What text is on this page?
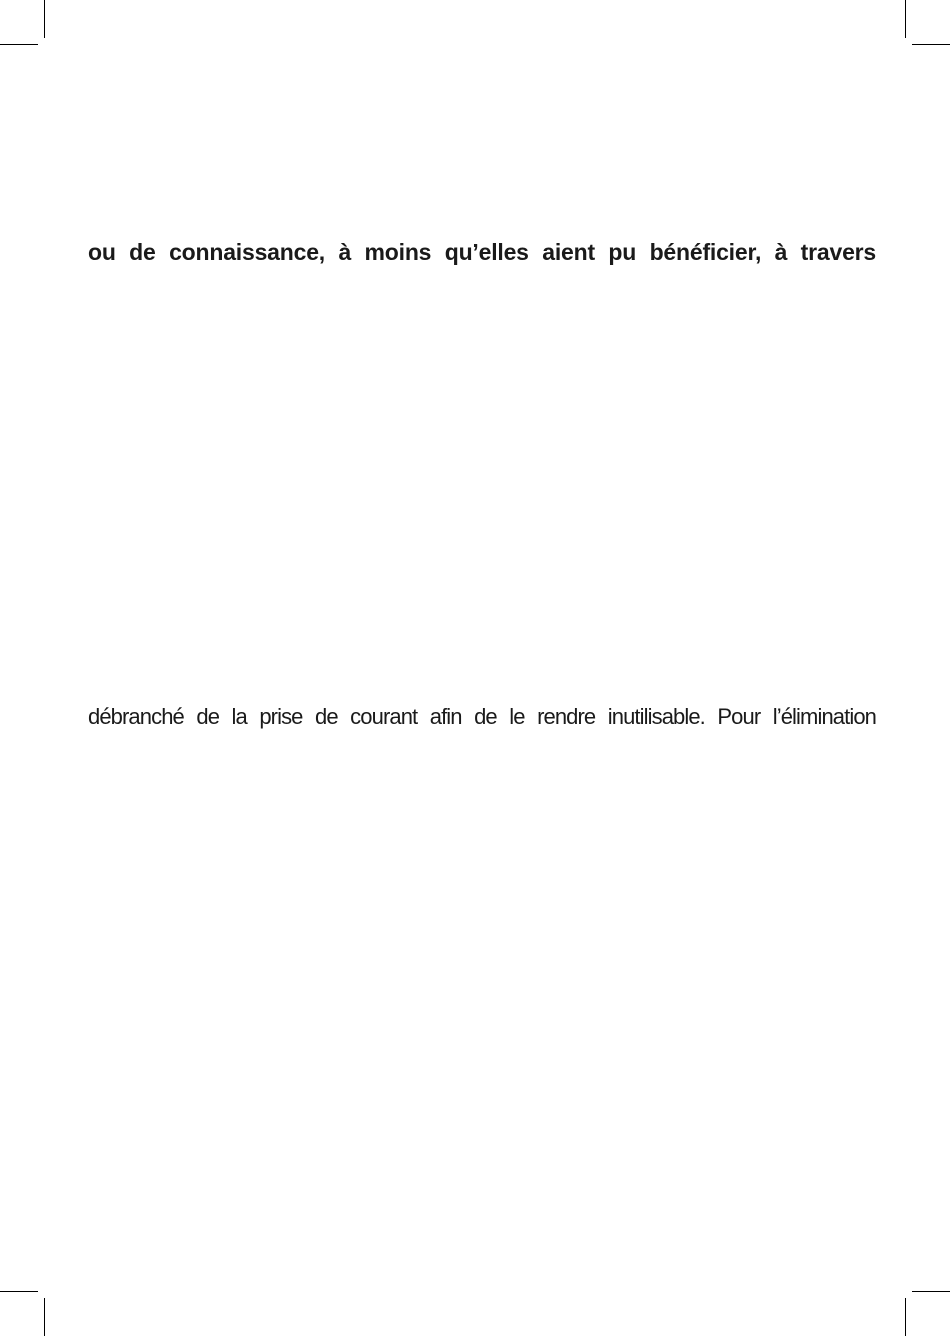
ou de connaissance, à moins qu’elles aient pu bénéficier, à travers

débranché de la prise de courant afin de le rendre inutilisable. Pour l’élimination
